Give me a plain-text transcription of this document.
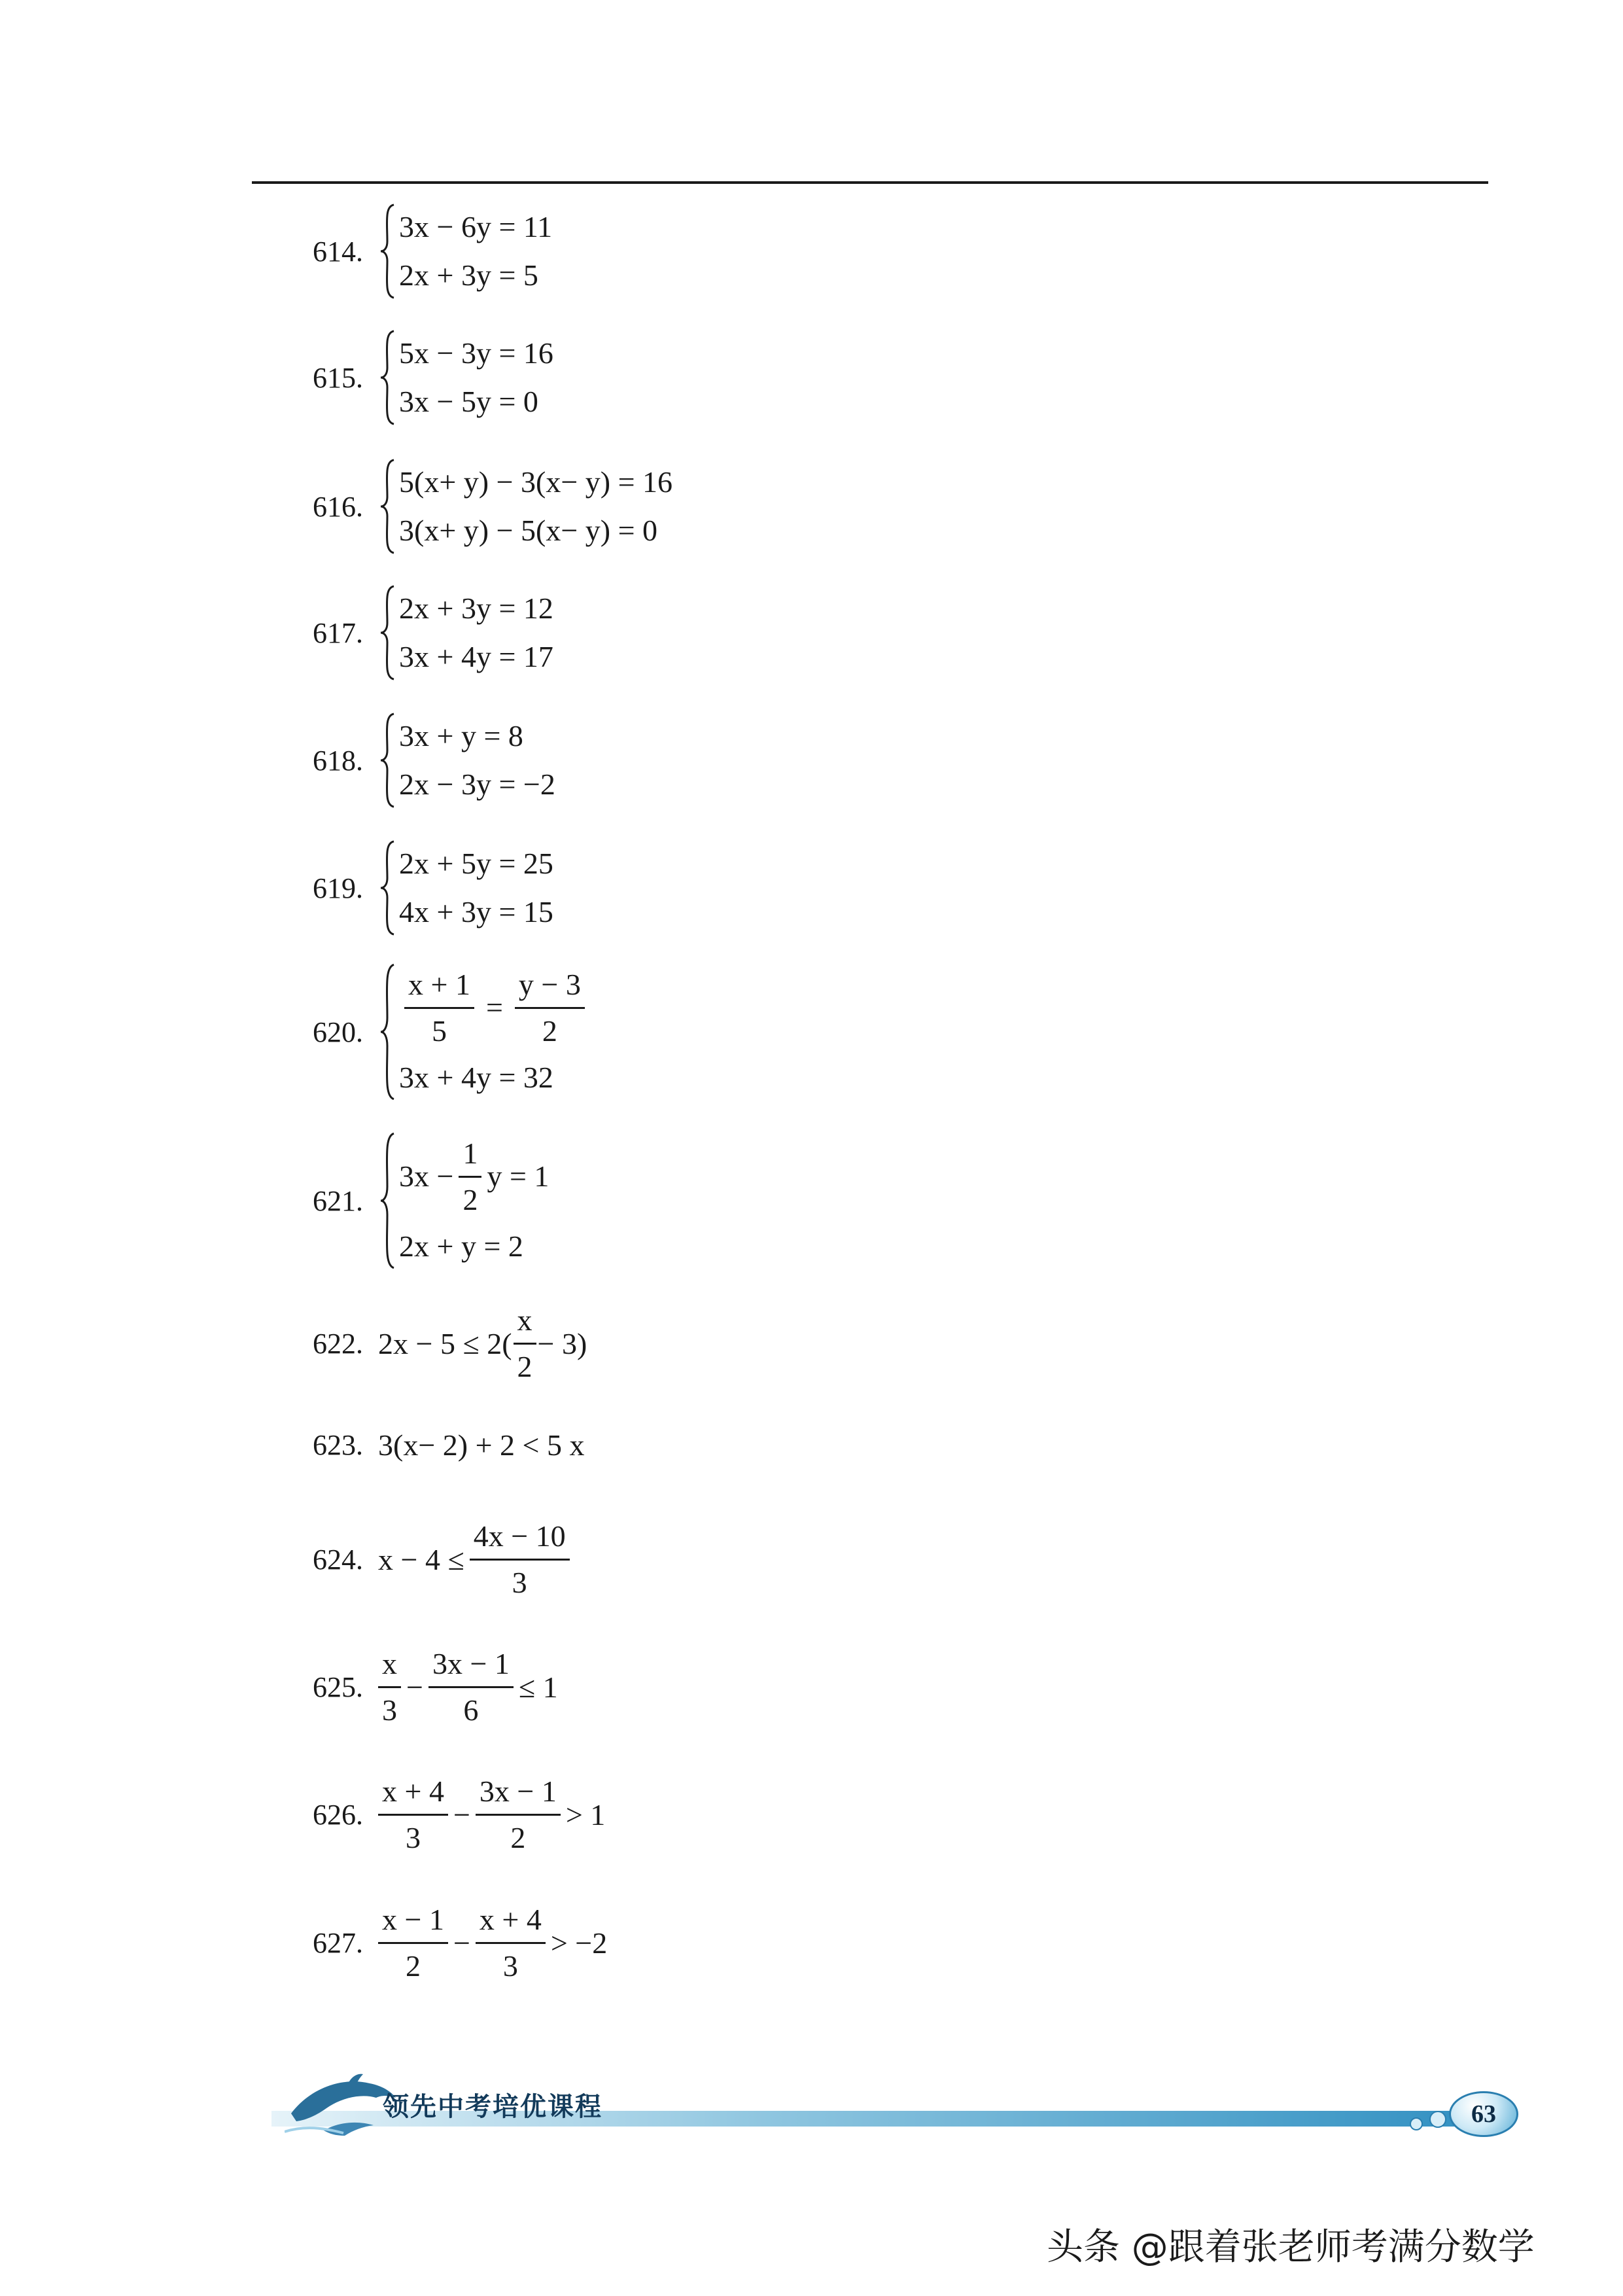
614.
3x − 6y = 11
2x + 3y = 5
615.
5x − 3y = 16
3x − 5y = 0
616.
5(x+ y) − 3(x− y) = 16
3(x+ y) − 5(x− y) = 0
617.
2x + 3y = 12
3x + 4y = 17
618.
3x + y = 8
2x − 3y = −2
619.
2x + 5y = 25
4x + 3y = 15
620.	$\frac{x + 1}{5} = \frac{y - 3}{2}$
3x + 4y = 32
621.
$3x - \frac{1}{2}$ y = 1
2x + y = 2
622. $2x - 5 \le 2( \frac{x}{2} - 3)$
623. 3(x− 2) + 2 < 5 x
624. $x - 4 \le \frac{4x - 10}{3}$
625. $\frac{x}{3} - \frac{3x - 1}{6} \le 1$
626. $\frac{x + 4}{3} - \frac{3x - 1}{2} > 1$
627. $\frac{x - 1}{2} - \frac{x + 4}{3} > -2$
领先中考培优课程	63
头条 @跟着张老师考满分数学
